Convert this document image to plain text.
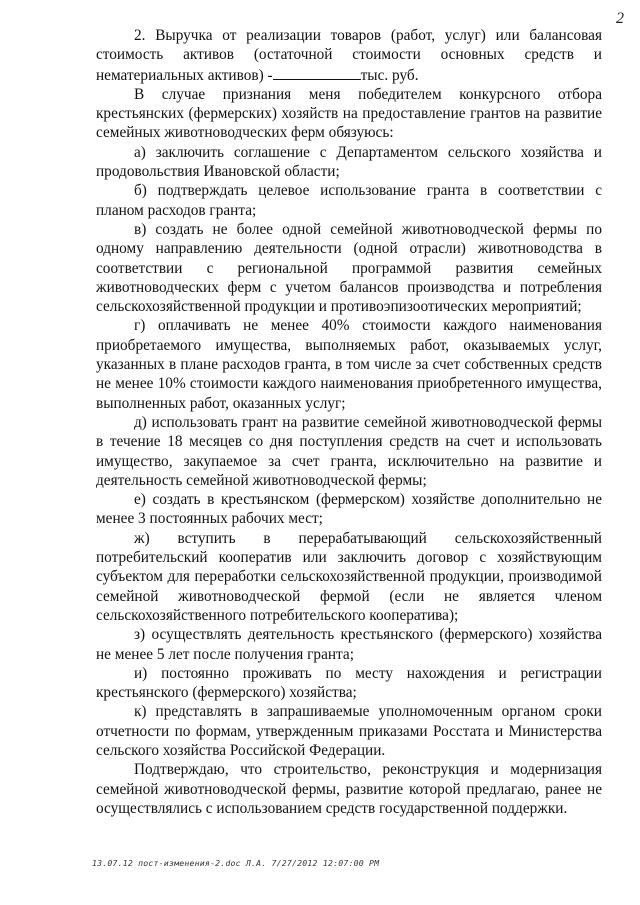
2

2. Выручка от реализации товаров (работ, услуг) или балансовая стоимость активов (остаточной стоимости основных средств и нематериальных активов) -	тыс. руб.

В случае признания меня победителем конкурсного отбора крестьянских (фермерских) хозяйств на предоставление грантов на развитие семейных животноводческих ферм обязуюсь:

а) заключить соглашение с Департаментом сельского хозяйства и продовольствия Ивановской области;

б) подтверждать целевое использование гранта в соответствии с планом расходов гранта;

в) создать не более одной семейной животноводческой фермы по одному направлению деятельности (одной отрасли) животноводства в соответствии с региональной программой развития семейных животноводческих ферм с учетом балансов производства и потребления сельскохозяйственной продукции и противоэпизоотических мероприятий;

г) оплачивать не менее 40% стоимости каждого наименования приобретаемого имущества, выполняемых работ, оказываемых услуг, указанных в плане расходов гранта, в том числе за счет собственных средств не менее 10% стоимости каждого наименования приобретенного имущества, выполненных работ, оказанных услуг;

д) использовать грант на развитие семейной животноводческой фермы в течение 18 месяцев со дня поступления средств на счет и использовать имущество, закупаемое за счет гранта, исключительно на развитие и деятельность семейной животноводческой фермы;

е) создать в крестьянском (фермерском) хозяйстве дополнительно не менее 3 постоянных рабочих мест;

ж) вступить в перерабатывающий сельскохозяйственный потребительский кооператив или заключить договор с хозяйствующим субъектом для переработки сельскохозяйственной продукции, производимой семейной животноводческой фермой (если не является членом сельскохозяйственного потребительского кооператива);

з) осуществлять деятельность крестьянского (фермерского) хозяйства не менее 5 лет после получения гранта;

и) постоянно проживать по месту нахождения и регистрации крестьянского (фермерского) хозяйства;

к) представлять в запрашиваемые уполномоченным органом сроки отчетности по формам, утвержденным приказами Росстата и Министерства сельского хозяйства Российской Федерации.

Подтверждаю, что строительство, реконструкция и модернизация семейной животноводческой фермы, развитие которой предлагаю, ранее не осуществлялись с использованием средств государственной поддержки.

13.07.12 пост-изменения-2.doc Л.А. 7/27/2012 12:07:00 PM
